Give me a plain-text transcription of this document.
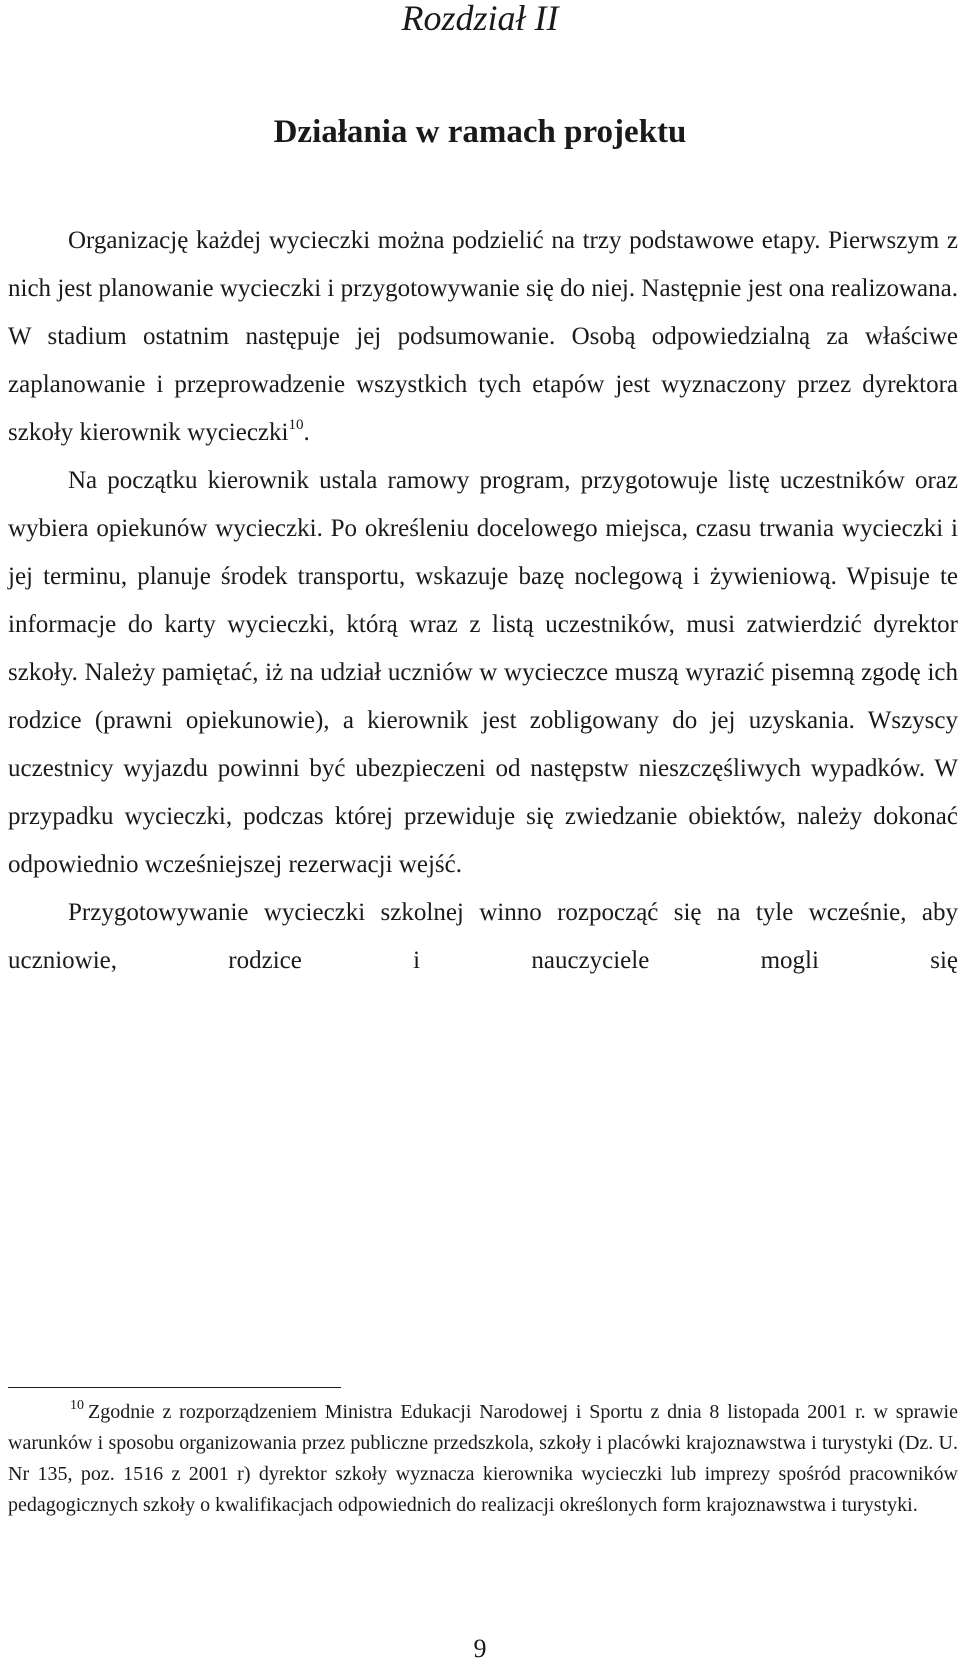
Rozdział II
Działania w ramach projektu

Organizację każdej wycieczki można podzielić na trzy podstawowe etapy. Pierwszym z nich jest planowanie wycieczki i przygotowywanie się do niej. Następnie jest ona realizowana. W stadium ostatnim następuje jej podsumowanie. Osobą odpowiedzialną za właściwe zaplanowanie i przeprowadzenie wszystkich tych etapów jest wyznaczony przez dyrektora szkoły kierownik wycieczki$^{10}$.

Na początku kierownik ustala ramowy program, przygotowuje listę uczestników oraz wybiera opiekunów wycieczki. Po określeniu docelowego miejsca, czasu trwania wycieczki i jej terminu, planuje środek transportu, wskazuje bazę noclegową i żywieniową. Wpisuje te informacje do karty wycieczki, którą wraz z listą uczestników, musi zatwierdzić dyrektor szkoły. Należy pamiętać, iż na udział uczniów w wycieczce muszą wyrazić pisemną zgodę ich rodzice (prawni opiekunowie), a kierownik jest zobligowany do jej uzyskania. Wszyscy uczestnicy wyjazdu powinni być ubezpieczeni od następstw nieszczęśliwych wypadków. W przypadku wycieczki, podczas której przewiduje się zwiedzanie obiektów, należy dokonać odpowiednio wcześniejszej rezerwacji wejść.

Przygotowywanie wycieczki szkolnej winno rozpocząć się na tyle wcześnie, aby uczniowie, rodzice i nauczyciele mogli się

$^{10}$ Zgodnie z rozporządzeniem Ministra Edukacji Narodowej i Sportu z dnia 8 listopada 2001 r. w sprawie warunków i sposobu organizowania przez publiczne przedszkola, szkoły i placówki krajoznawstwa i turystyki (Dz. U. Nr 135, poz. 1516 z 2001 r) dyrektor szkoły wyznacza kierownika wycieczki lub imprezy spośród pracowników pedagogicznych szkoły o kwalifikacjach odpowiednich do realizacji określonych form krajoznawstwa i turystyki.
9
